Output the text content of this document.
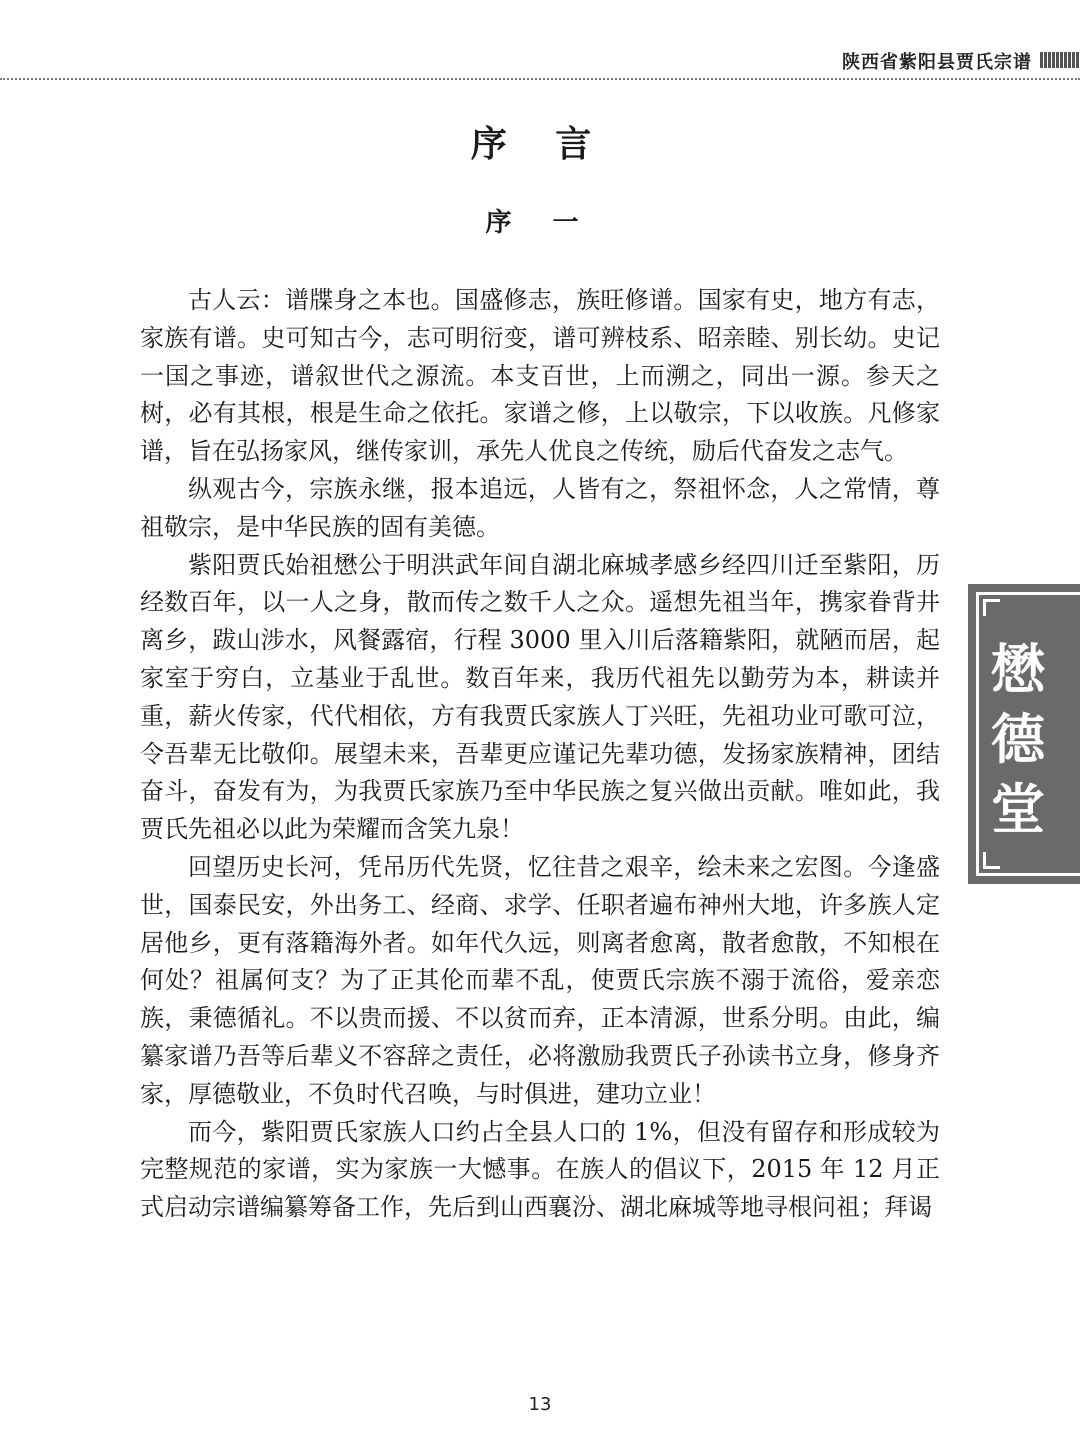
陕西省紫阳县贾氏宗谱
序 言
序 一

古人云：谱牒身之本也。国盛修志，族旺修谱。国家有史，地方有志，家族有谱。史可知古今，志可明衍变，谱可辨枝系、昭亲睦、别长幼。史记一国之事迹，谱叙世代之源流。本支百世，上而溯之，同出一源。参天之树，必有其根，根是生命之依托。家谱之修，上以敬宗，下以收族。凡修家谱，旨在弘扬家风，继传家训，承先人优良之传统，励后代奋发之志气。

纵观古今，宗族永继，报本追远，人皆有之，祭祖怀念，人之常情，尊祖敬宗，是中华民族的固有美德。

紫阳贾氏始祖懋公于明洪武年间自湖北麻城孝感乡经四川迁至紫阳，历经数百年，以一人之身，散而传之数千人之众。遥想先祖当年，携家眷背井离乡，跋山涉水，风餐露宿，行程 3000 里入川后落籍紫阳，就陋而居，起家室于穷白，立基业于乱世。数百年来，我历代祖先以勤劳为本，耕读并重，薪火传家，代代相依，方有我贾氏家族人丁兴旺，先祖功业可歌可泣，令吾辈无比敬仰。展望未来，吾辈更应谨记先辈功德，发扬家族精神，团结奋斗，奋发有为，为我贾氏家族乃至中华民族之复兴做出贡献。唯如此，我贾氏先祖必以此为荣耀而含笑九泉！

回望历史长河，凭吊历代先贤，忆往昔之艰辛，绘未来之宏图。今逢盛世，国泰民安，外出务工、经商、求学、任职者遍布神州大地，许多族人定居他乡，更有落籍海外者。如年代久远，则离者愈离，散者愈散，不知根在何处？祖属何支？为了正其伦而辈不乱，使贾氏宗族不溺于流俗，爱亲恋族，秉德循礼。不以贵而援、不以贫而弃，正本清源，世系分明。由此，编纂家谱乃吾等后辈义不容辞之责任，必将激励我贾氏子孙读书立身，修身齐家，厚德敬业，不负时代召唤，与时俱进，建功立业！

而今，紫阳贾氏家族人口约占全县人口的 1%，但没有留存和形成较为完整规范的家谱，实为家族一大憾事。在族人的倡议下，2015 年 12 月正式启动宗谱编纂筹备工作，先后到山西襄汾、湖北麻城等地寻根问祖；拜谒

懋
德
堂
13
